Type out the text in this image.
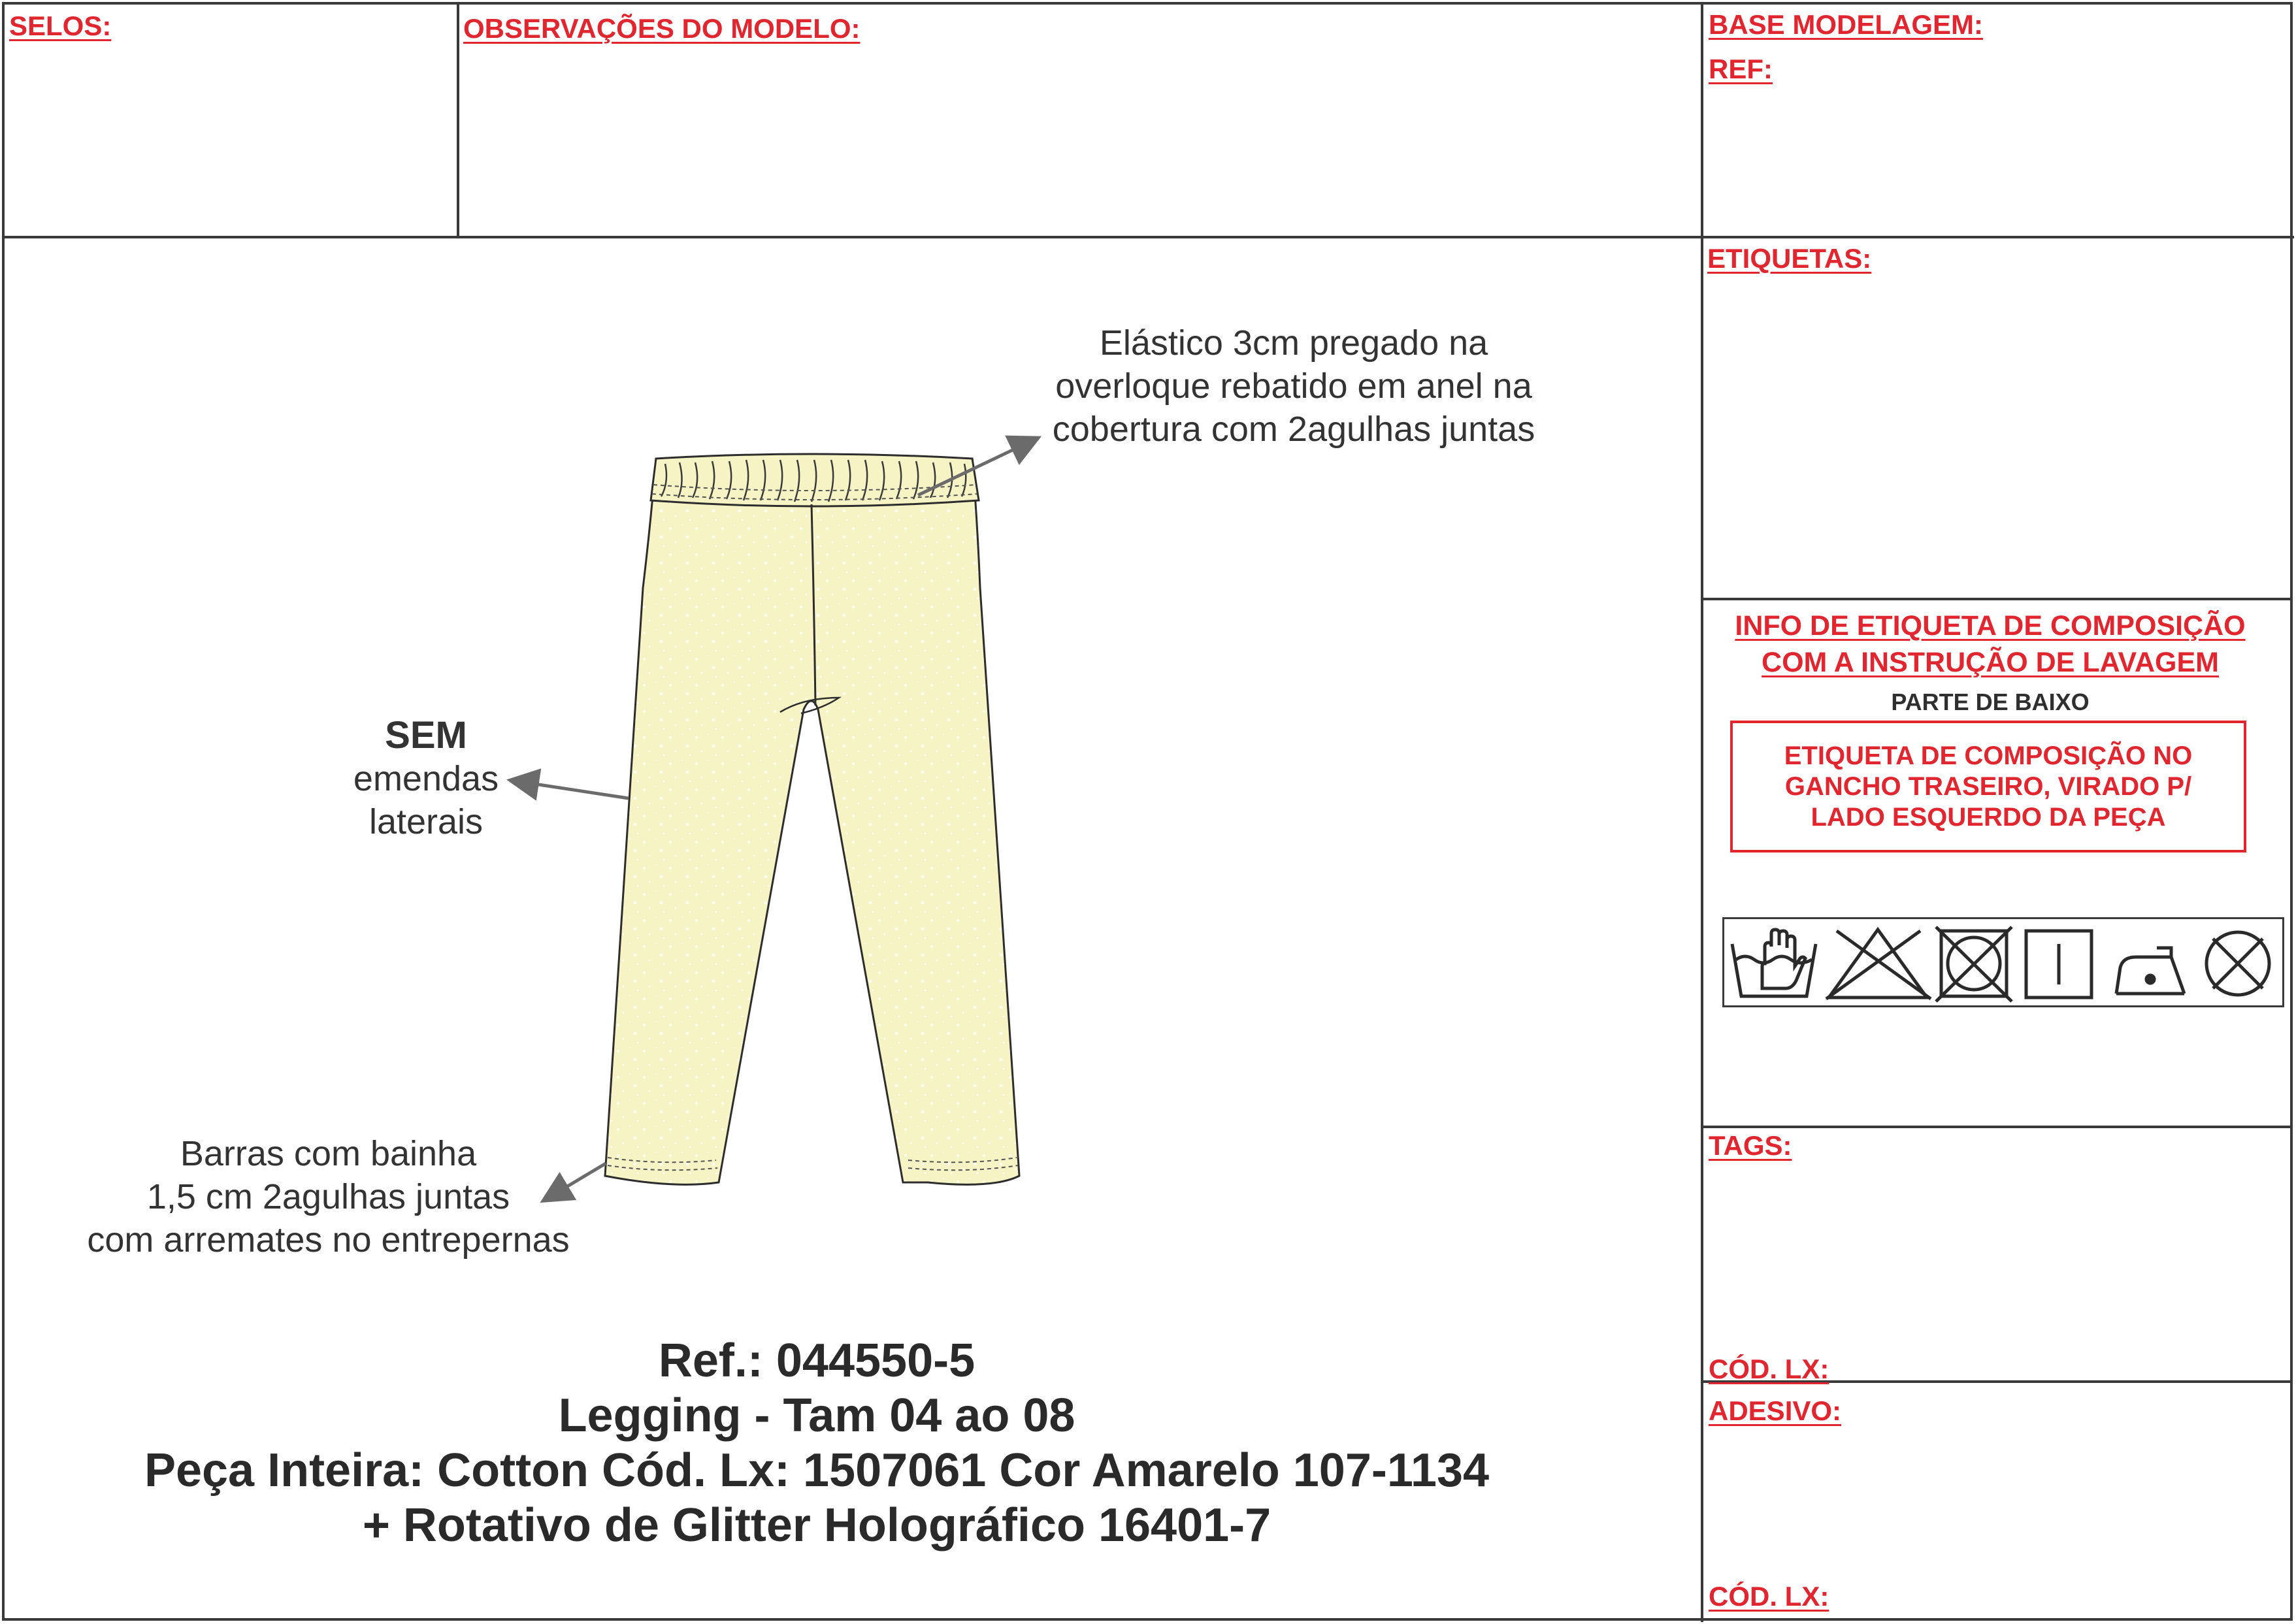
SELOS:	OBSERVAÇÕES DO MODELO:	BASE MODELAGEM:
REF:
ETIQUETAS:
INFO DE ETIQUETA DE COMPOSIÇÃO
COM A INSTRUÇÃO DE LAVAGEM
PARTE DE BAIXO
ETIQUETA DE COMPOSIÇÃO NO
GANCHO TRASEIRO, VIRADO P/
LADO ESQUERDO DA PEÇA
TAGS:
CÓD. LX:
ADESIVO:
CÓD. LX:
Elástico 3cm pregado na
overloque rebatido em anel na
cobertura com 2agulhas juntas
SEM
emendas
laterais
Barras com bainha
1,5 cm 2agulhas juntas
com arremates no entrepernas
Ref.: 044550-5
Legging - Tam 04 ao 08
Peça Inteira: Cotton Cód. Lx: 1507061 Cor Amarelo 107-1134
+ Rotativo de Glitter Holográfico 16401-7
